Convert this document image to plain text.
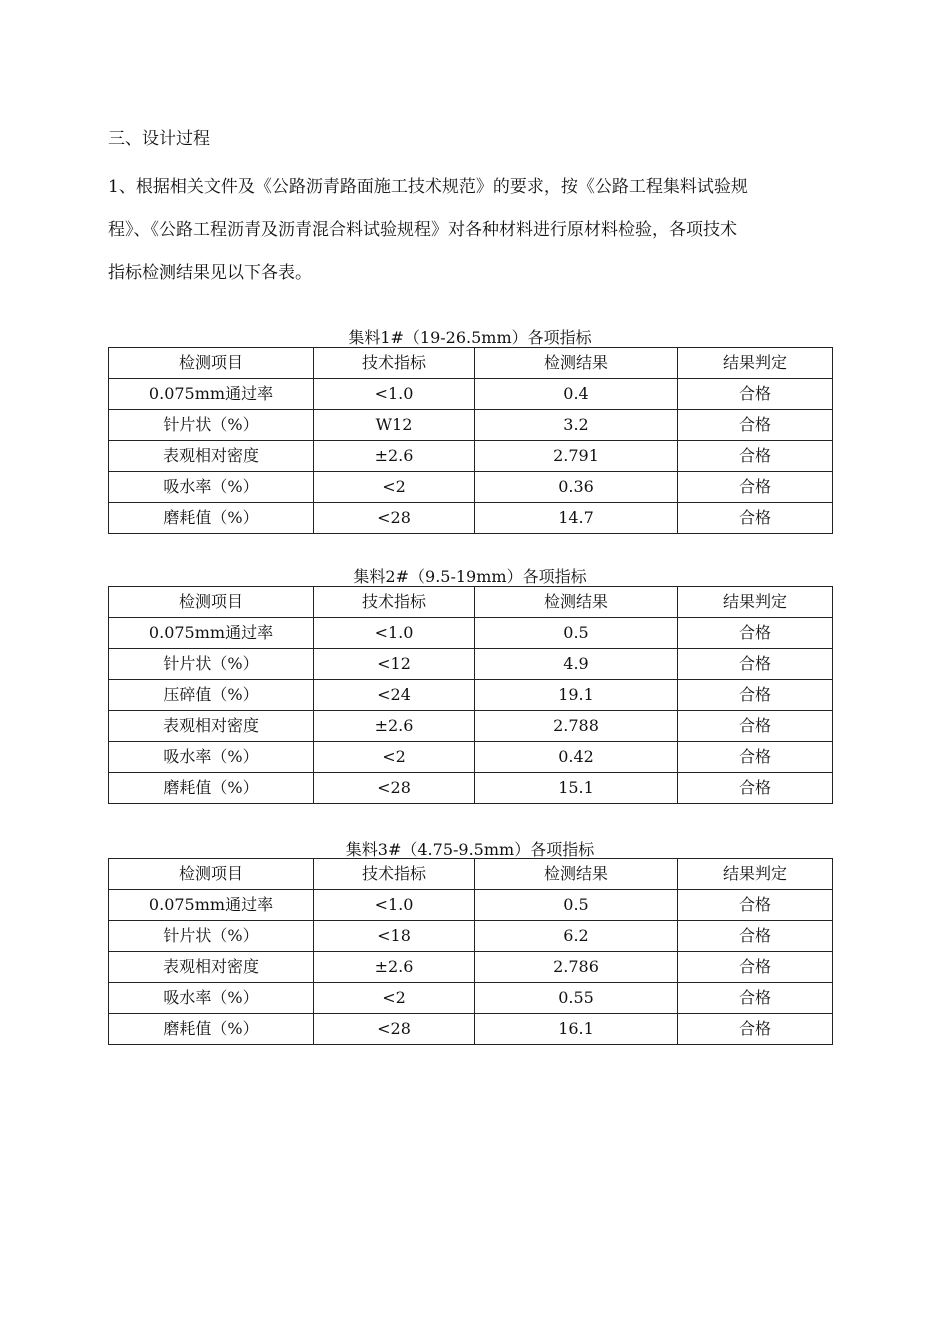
三、设计过程

1、根据相关文件及《公路沥青路面施工技术规范》的要求，按《公路工程集料试验规

程》、《公路工程沥青及沥青混合料试验规程》对各种材料进行原材料检验，各项技术

指标检测结果见以下各表。

集料1#（19-26.5mm）各项指标
检测项目	技术指标	检测结果	结果判定
0.075mm通过率	<1.0	0.4	合格
针片状（%）	W12	3.2	合格
表观相对密度	±2.6	2.791	合格
吸水率（%）	<2	0.36	合格
磨耗值（%）	<28	14.7	合格
集料2#（9.5-19mm）各项指标
检测项目	技术指标	检测结果	结果判定
0.075mm通过率	<1.0	0.5	合格
针片状（%）	<12	4.9	合格
压碎值（%）	<24	19.1	合格
表观相对密度	±2.6	2.788	合格
吸水率（%）	<2	0.42	合格
磨耗值（%）	<28	15.1	合格
集料3#（4.75-9.5mm）各项指标
检测项目	技术指标	检测结果	结果判定
0.075mm通过率	<1.0	0.5	合格
针片状（%）	<18	6.2	合格
表观相对密度	±2.6	2.786	合格
吸水率（%）	<2	0.55	合格
磨耗值（%）	<28	16.1	合格
